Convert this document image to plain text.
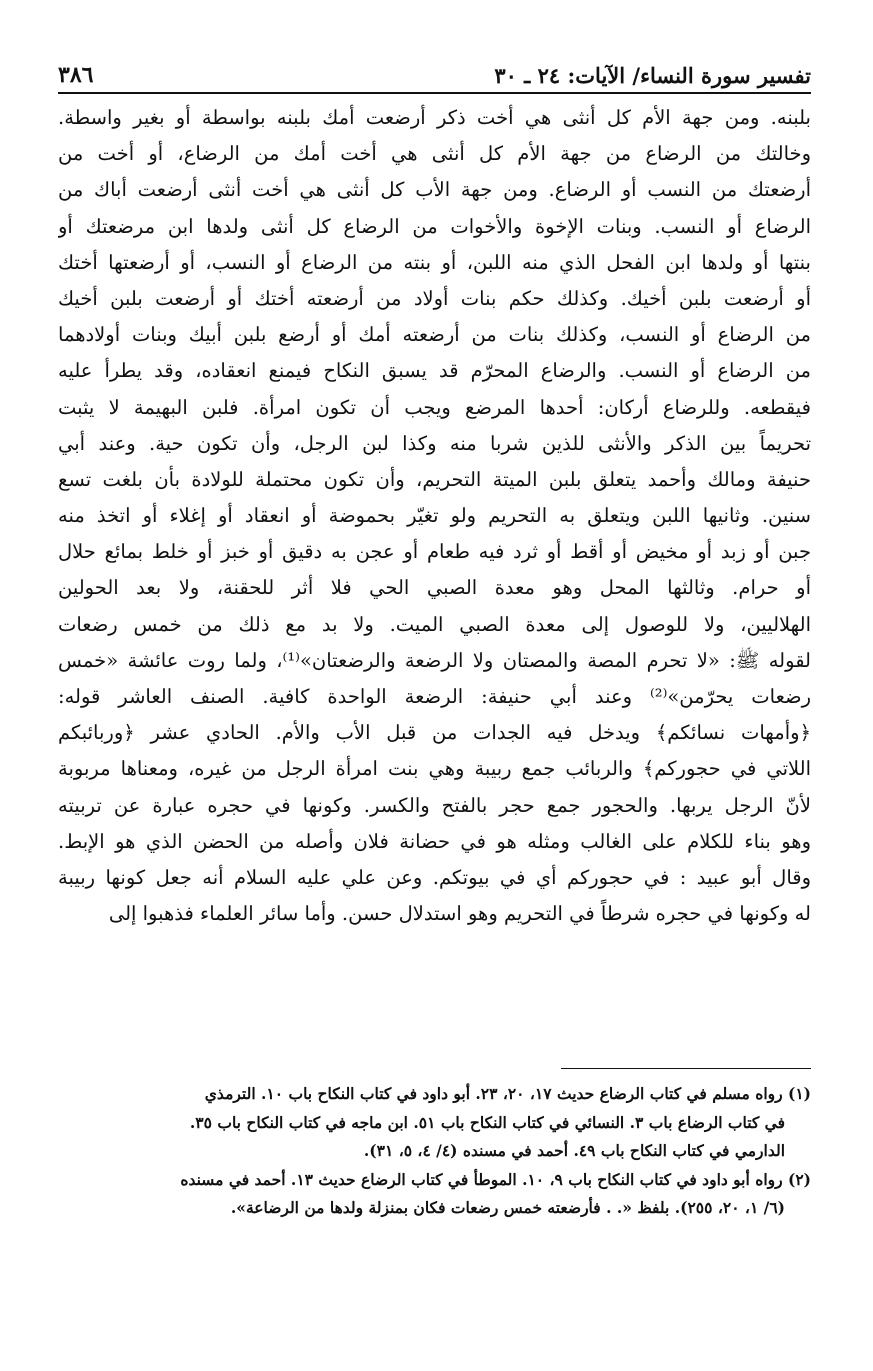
٣٨٦	تفسير سورة النساء/ الآيات: ٢٤ ـ ٣٠
بلبنه. ومن جهة الأم كل أنثى هي أخت ذكر أرضعت أمك بلبنه بواسطة أو بغير واسطة.
وخالتك من الرضاع من جهة الأم كل أنثى هي أخت أمك من الرضاع، أو أخت من
أرضعتك من النسب أو الرضاع. ومن جهة الأب كل أنثى هي أخت أنثى أرضعت أباك من
الرضاع أو النسب. وبنات الإخوة والأخوات من الرضاع كل أنثى ولدها ابن مرضعتك أو
بنتها أو ولدها ابن الفحل الذي منه اللبن، أو بنته من الرضاع أو النسب، أو أرضعتها أختك
أو أرضعت بلبن أخيك. وكذلك حكم بنات أولاد من أرضعته أختك أو أرضعت بلبن أخيك
من الرضاع أو النسب، وكذلك بنات من أرضعته أمك أو أرضع بلبن أبيك وبنات أولادهما
من الرضاع أو النسب. والرضاع المحرّم قد يسبق النكاح فيمنع انعقاده، وقد يطرأ عليه
فيقطعه. وللرضاع أركان: أحدها المرضع ويجب أن تكون امرأة. فلبن البهيمة لا يثبت
تحريماً بين الذكر والأنثى للذين شربا منه وكذا لبن الرجل، وأن تكون حية. وعند أبي
حنيفة ومالك وأحمد يتعلق بلبن الميتة التحريم، وأن تكون محتملة للولادة بأن بلغت تسع
سنين. وثانيها اللبن ويتعلق به التحريم ولو تغيّر بحموضة أو انعقاد أو إغلاء أو اتخذ منه
جبن أو زبد أو مخيض أو أقط أو ثرد فيه طعام أو عجن به دقيق أو خبز أو خلط بمائع حلال
أو حرام. وثالثها المحل وهو معدة الصبي الحي فلا أثر للحقنة، ولا بعد الحولين
الهلاليين، ولا للوصول إلى معدة الصبي الميت. ولا بد مع ذلك من خمس رضعات
لقوله ﷺ: «لا تحرم المصة والمصتان ولا الرضعة والرضعتان»⁽¹⁾، ولما روت عائشة «خمس
رضعات يحرّمن»⁽²⁾ وعند أبي حنيفة: الرضعة الواحدة كافية. الصنف العاشر قوله:
﴿وأمهات نسائكم﴾ ويدخل فيه الجدات من قبل الأب والأم. الحادي عشر ﴿وربائبكم
اللاتي في حجوركم﴾ والربائب جمع ربيبة وهي بنت امرأة الرجل من غيره، ومعناها مربوبة
لأنّ الرجل يربها. والحجور جمع حجر بالفتح والكسر. وكونها في حجره عبارة عن تربيته
وهو بناء للكلام على الغالب ومثله هو في حضانة فلان وأصله من الحضن الذي هو الإبط.
وقال أبو عبيد : في حجوركم أي في بيوتكم. وعن علي عليه السلام أنه جعل كونها ربيبة
له وكونها في حجره شرطاً في التحريم وهو استدلال حسن. وأما سائر العلماء فذهبوا إلى
(١) رواه مسلم في كتاب الرضاع حديث ١٧، ٢٠، ٢٣. أبو داود في كتاب النكاح باب ١٠. الترمذي
في كتاب الرضاع باب ٣. النسائي في كتاب النكاح باب ٥١. ابن ماجه في كتاب النكاح باب ٣٥.
الدارمي في كتاب النكاح باب ٤٩. أحمد في مسنده (٤/ ٤، ٥، ٣١).
(٢) رواه أبو داود في كتاب النكاح باب ٩، ١٠. الموطأ في كتاب الرضاع حديث ١٣. أحمد في مسنده
(٦/ ١، ٢٠، ٢٥٥). بلفظ «. . فأرضعته خمس رضعات فكان بمنزلة ولدها من الرضاعة».
